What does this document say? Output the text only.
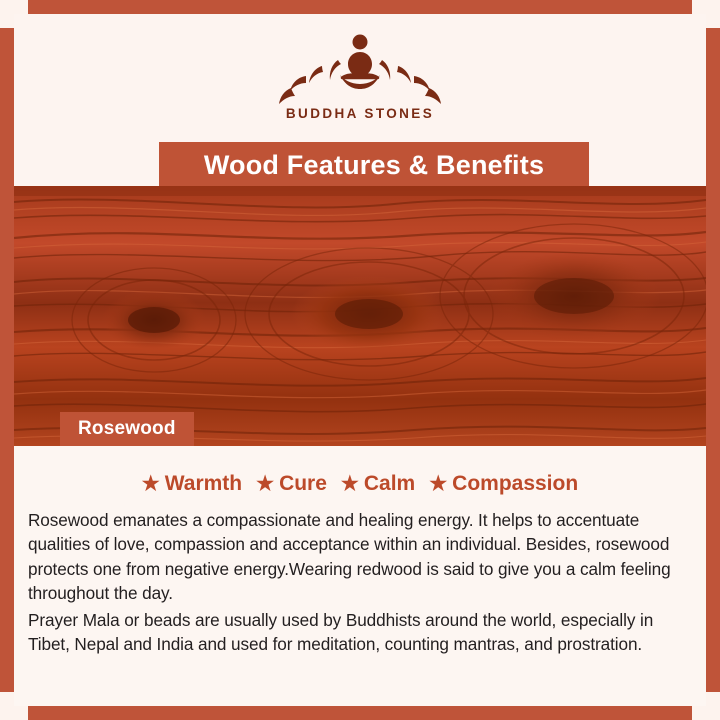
BUDDHA STONES
Wood Features & Benefits
Rosewood
★ Warmth ★ Cure ★ Calm ★ Compassion

Rosewood emanates a compassionate and healing energy. It helps to accentuate qualities of love, compassion and acceptance within an individual. Besides, rosewood protects one from negative energy.Wearing redwood is said to give you a calm feeling throughout the day.

Prayer Mala or beads are usually used by Buddhists around the world, especially in Tibet, Nepal and India and used for meditation, counting mantras, and prostration.
